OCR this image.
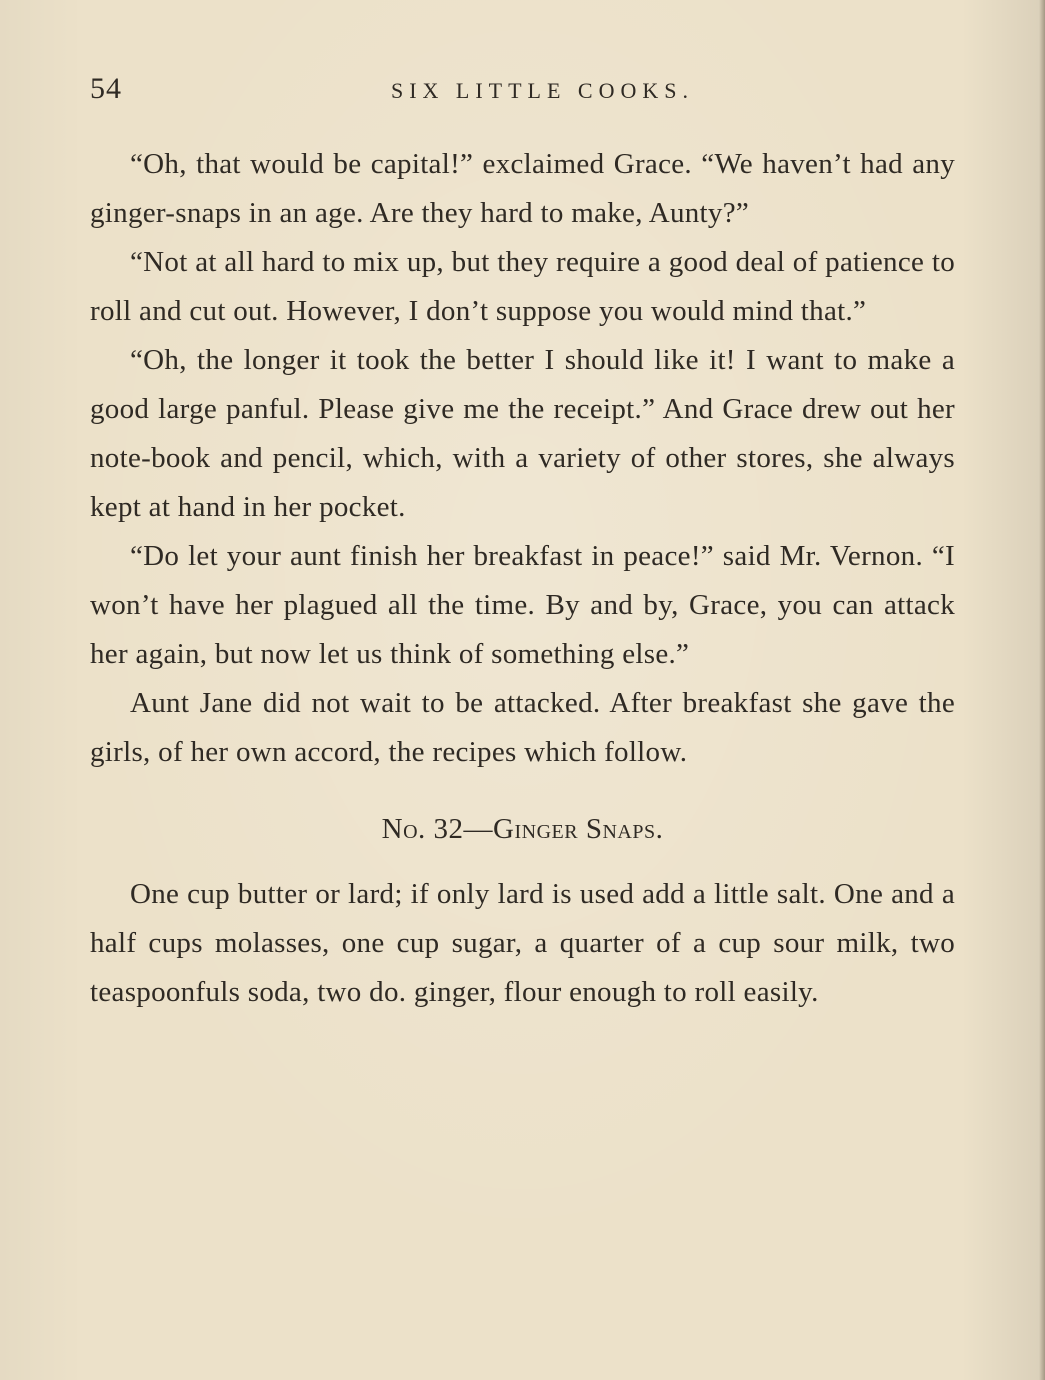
54	SIX LITTLE COOKS.

“Oh, that would be capital!” exclaimed Grace. “We haven’t had any ginger-snaps in an age. Are they hard to make, Aunty?”

“Not at all hard to mix up, but they require a good deal of patience to roll and cut out. However, I don’t suppose you would mind that.”

“Oh, the longer it took the better I should like it! I want to make a good large panful. Please give me the receipt.” And Grace drew out her note-book and pencil, which, with a variety of other stores, she always kept at hand in her pocket.

“Do let your aunt finish her breakfast in peace!” said Mr. Vernon. “I won’t have her plagued all the time. By and by, Grace, you can attack her again, but now let us think of something else.”

Aunt Jane did not wait to be attacked. After breakfast she gave the girls, of her own accord, the recipes which follow.

No. 32—Ginger Snaps.

One cup butter or lard; if only lard is used add a little salt. One and a half cups molasses, one cup sugar, a quarter of a cup sour milk, two teaspoonfuls soda, two do. ginger, flour enough to roll easily.
